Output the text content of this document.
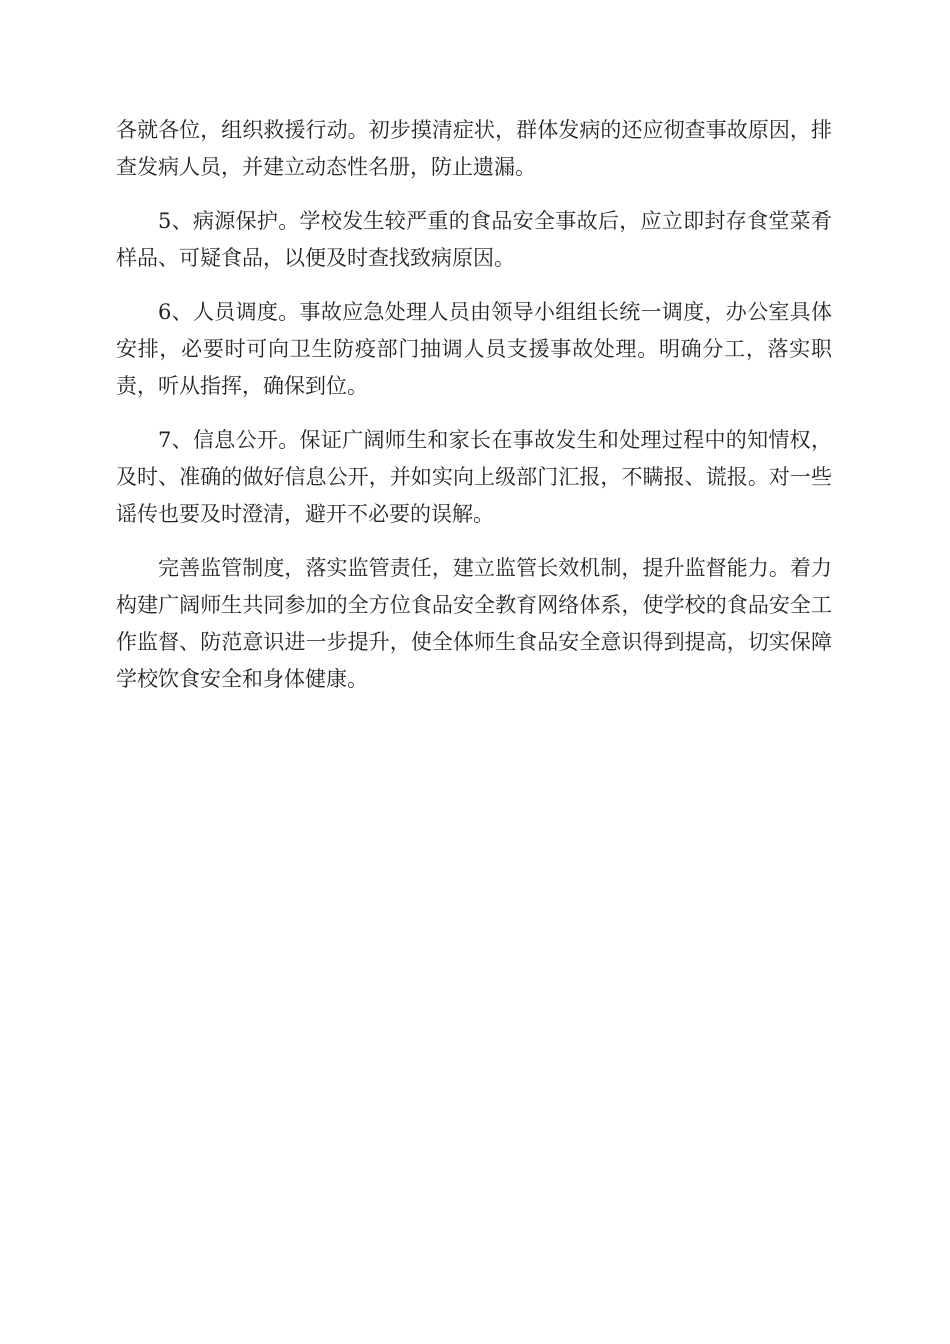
各就各位，组织救援行动。初步摸清症状，群体发病的还应彻查事故原因，排查发病人员，并建立动态性名册，防止遗漏。

5、病源保护。学校发生较严重的食品安全事故后，应立即封存食堂菜肴样品、可疑食品，以便及时查找致病原因。

6、人员调度。事故应急处理人员由领导小组组长统一调度，办公室具体安排，必要时可向卫生防疫部门抽调人员支援事故处理。明确分工，落实职责，听从指挥，确保到位。

7、信息公开。保证广阔师生和家长在事故发生和处理过程中的知情权，及时、准确的做好信息公开，并如实向上级部门汇报，不瞒报、谎报。对一些谣传也要及时澄清，避开不必要的误解。

完善监管制度，落实监管责任，建立监管长效机制，提升监督能力。着力构建广阔师生共同参加的全方位食品安全教育网络体系，使学校的食品安全工作监督、防范意识进一步提升，使全体师生食品安全意识得到提高，切实保障学校饮食安全和身体健康。
